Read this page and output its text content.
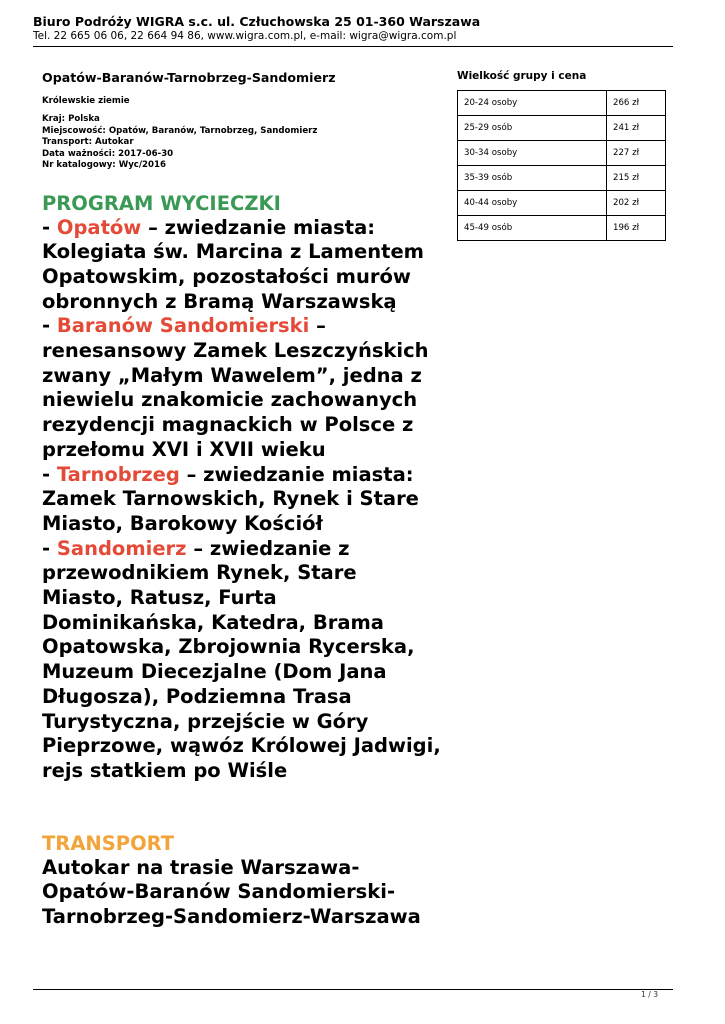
Biuro Podróży WIGRA s.c. ul. Człuchowska 25 01-360 Warszawa
Tel. 22 665 06 06, 22 664 94 86, www.wigra.com.pl, e-mail: wigra@wigra.com.pl
Opatów-Baranów-Tarnobrzeg-Sandomierz
Królewskie ziemie
Kraj: Polska
Miejscowość: Opatów, Baranów, Tarnobrzeg, Sandomierz
Transport: Autokar
Data ważności: 2017-06-30
Nr katalogowy: Wyc/2016
PROGRAM WYCIECZKI
- Opatów – zwiedzanie miasta: Kolegiata św. Marcina z Lamentem Opatowskim, pozostałości murów obronnych z Bramą Warszawską
- Baranów Sandomierski – renesansowy Zamek Leszczyńskich zwany „Małym Wawelem”, jedna z niewielu znakomicie zachowanych rezydencji magnackich w Polsce z przełomu XVI i XVII wieku
- Tarnobrzeg – zwiedzanie miasta: Zamek Tarnowskich, Rynek i Stare Miasto, Barokowy Kościół
- Sandomierz – zwiedzanie z przewodnikiem Rynek, Stare Miasto, Ratusz, Furta Dominikańska, Katedra, Brama Opatowska, Zbrojownia Rycerska, Muzeum Diecezjalne (Dom Jana Długosza), Podziemna Trasa Turystyczna, przejście w Góry Pieprzowe, wąwóz Królowej Jadwigi, rejs statkiem po Wiśle
TRANSPORT
Autokar na trasie Warszawa-Opatów-Baranów Sandomierski-Tarnobrzeg-Sandomierz-Warszawa
Wielkość grupy i cena
20-24 osoby	266 zł
25-29 osób	241 zł
30-34 osoby	227 zł
35-39 osób	215 zł
40-44 osoby	202 zł
45-49 osób	196 zł
1 / 3
